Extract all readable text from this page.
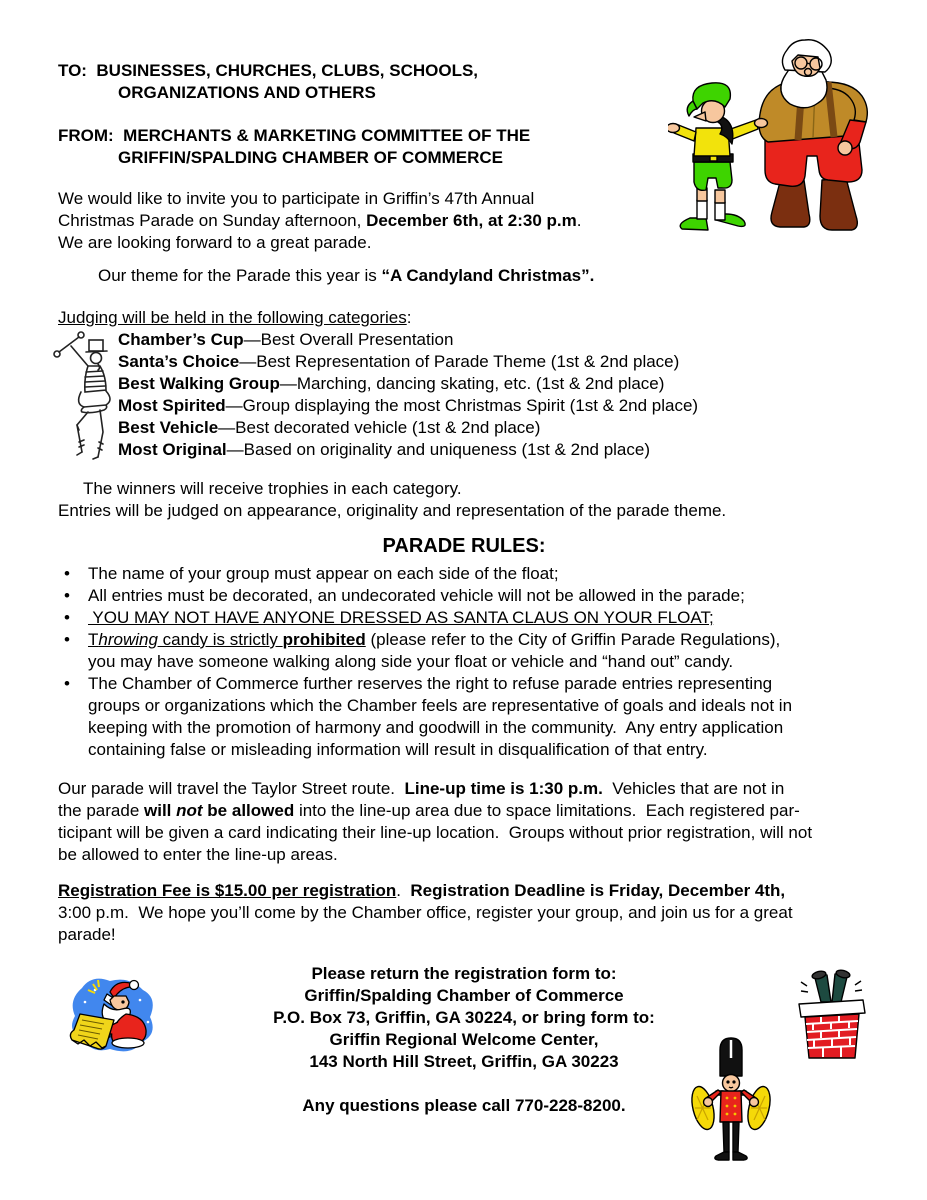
TO:  BUSINESSES, CHURCHES, CLUBS, SCHOOLS,
ORGANIZATIONS AND OTHERS
FROM:  MERCHANTS & MARKETING COMMITTEE OF THE
GRIFFIN/SPALDING CHAMBER OF COMMERCE
We would like to invite you to participate in Griffin’s 47th Annual
Christmas Parade on Sunday afternoon, December 6th, at 2:30 p.m.
We are looking forward to a great parade.
Our theme for the Parade this year is “A Candyland Christmas”.
Judging will be held in the following categories:
Chamber’s Cup—Best Overall Presentation
Santa’s Choice—Best Representation of Parade Theme (1st & 2nd place)
Best Walking Group—Marching, dancing skating, etc. (1st & 2nd place)
Most Spirited—Group displaying the most Christmas Spirit (1st & 2nd place)
Best Vehicle—Best decorated vehicle (1st & 2nd place)
Most Original—Based on originality and uniqueness (1st & 2nd place)
The winners will receive trophies in each category.
Entries will be judged on appearance, originality and representation of the parade theme.
PARADE RULES:
•	The name of your group must appear on each side of the float;
•	All entries must be decorated, an undecorated vehicle will not be allowed in the parade;
•	YOU MAY NOT HAVE ANYONE DRESSED AS SANTA CLAUS ON YOUR FLOAT;
•	Throwing candy is strictly prohibited (please refer to the City of Griffin Parade Regulations),
you may have someone walking along side your float or vehicle and “hand out” candy.
•	The Chamber of Commerce further reserves the right to refuse parade entries representing
groups or organizations which the Chamber feels are representative of goals and ideals not in
keeping with the promotion of harmony and goodwill in the community.  Any entry application
containing false or misleading information will result in disqualification of that entry.
Our parade will travel the Taylor Street route.  Line-up time is 1:30 p.m.  Vehicles that are not in
the parade will not be allowed into the line-up area due to space limitations.  Each registered par-
ticipant will be given a card indicating their line-up location.  Groups without prior registration, will not
be allowed to enter the line-up areas.
Registration Fee is $15.00 per registration.  Registration Deadline is Friday, December 4th,
3:00 p.m.  We hope you’ll come by the Chamber office, register your group, and join us for a great
parade!
Please return the registration form to:
Griffin/Spalding Chamber of Commerce
P.O. Box 73, Griffin, GA 30224, or bring form to:
Griffin Regional Welcome Center,
143 North Hill Street, Griffin, GA 30223
Any questions please call 770-228-8200.
